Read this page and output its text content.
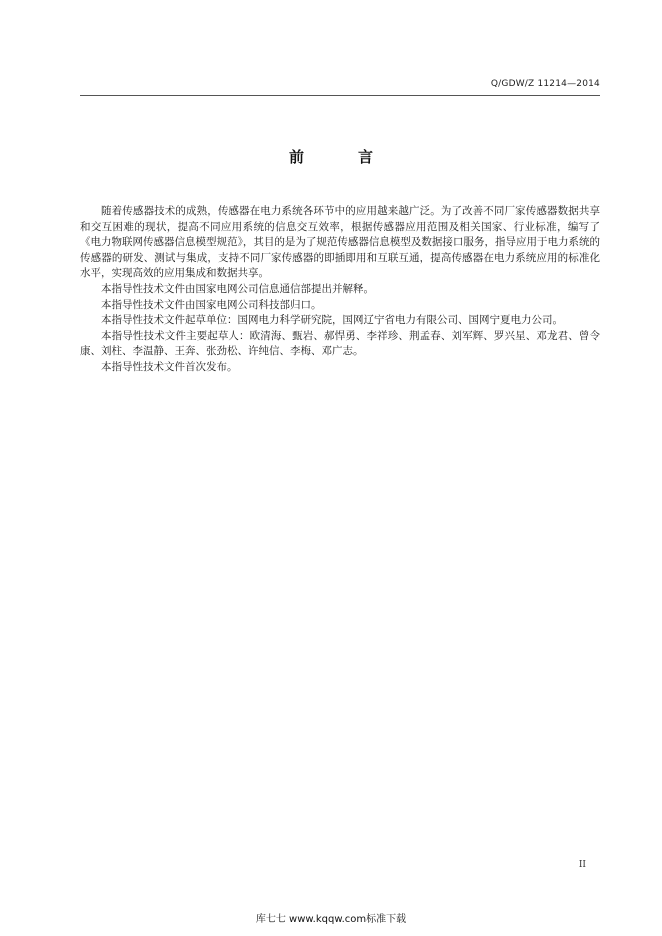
Q/GDW/Z 11214—2014
前	言

随着传感器技术的成熟，传感器在电力系统各环节中的应用越来越广泛。为了改善不同厂家传感器数据共享和交互困难的现状，提高不同应用系统的信息交互效率，根据传感器应用范围及相关国家、行业标准，编写了《电力物联网传感器信息模型规范》，其目的是为了规范传感器信息模型及数据接口服务，指导应用于电力系统的传感器的研发、测试与集成，支持不同厂家传感器的即插即用和互联互通，提高传感器在电力系统应用的标准化水平，实现高效的应用集成和数据共享。

本指导性技术文件由国家电网公司信息通信部提出并解释。

本指导性技术文件由国家电网公司科技部归口。

本指导性技术文件起草单位：国网电力科学研究院，国网辽宁省电力有限公司、国网宁夏电力公司。

本指导性技术文件主要起草人：欧清海、甄岩、郝悍勇、李祥珍、荆孟春、刘军辉、罗兴星、邓龙君、曾令康、刘柱、李温静、王奔、张劲松、许纯信、李梅、邓广志。

本指导性技术文件首次发布。

II
库七七 www.kqqw.com标准下载
